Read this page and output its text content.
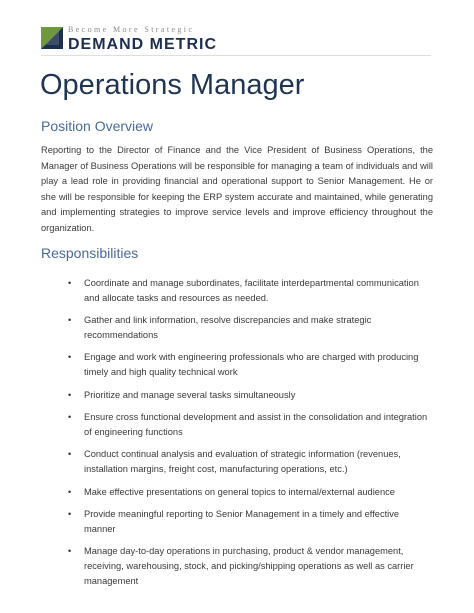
Become More Strategic
DEMAND METRIC
Operations Manager
Position Overview

Reporting to the Director of Finance and the Vice President of Business Operations, the Manager of Business Operations will be responsible for managing a team of individuals and will play a lead role in providing financial and operational support to Senior Management. He or she will be responsible for keeping the ERP system accurate and maintained, while generating and implementing strategies to improve service levels and improve efficiency throughout the organization.

Responsibilities
• Coordinate and manage subordinates, facilitate interdepartmental communication and allocate tasks and resources as needed.
• Gather and link information, resolve discrepancies and make strategic recommendations
• Engage and work with engineering professionals who are charged with producing timely and high quality technical work
• Prioritize and manage several tasks simultaneously
• Ensure cross functional development and assist in the consolidation and integration of engineering functions
• Conduct continual analysis and evaluation of strategic information (revenues, installation margins, freight cost, manufacturing operations, etc.)
• Make effective presentations on general topics to internal/external audience
• Provide meaningful reporting to Senior Management in a timely and effective manner
• Manage day-to-day operations in purchasing, product & vendor management, receiving, warehousing, stock, and picking/shipping operations as well as carrier management
